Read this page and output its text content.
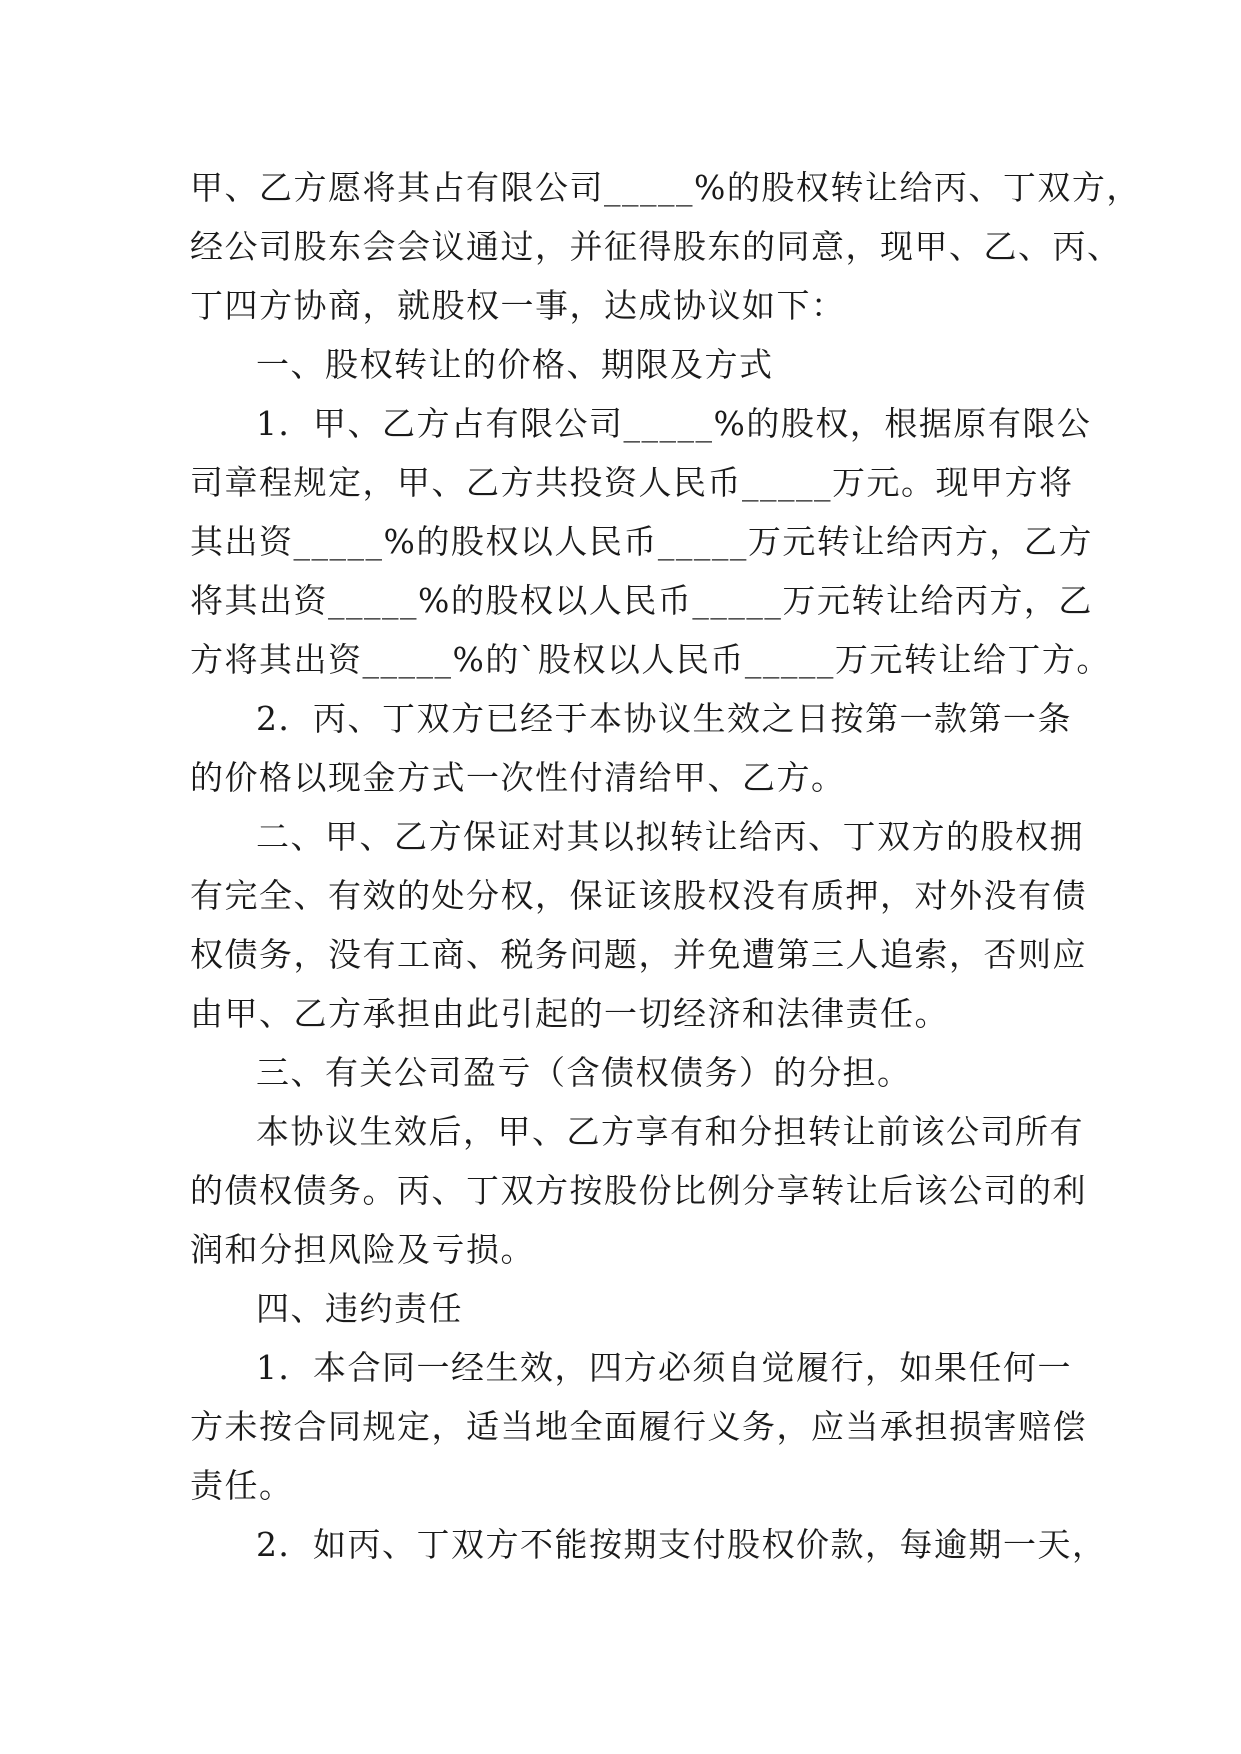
甲、乙方愿将其占有限公司_____%的股权转让给丙、丁双方，
经公司股东会会议通过，并征得股东的同意，现甲、乙、丙、
丁四方协商，就股权一事，达成协议如下：
一、股权转让的价格、期限及方式
1．甲、乙方占有限公司_____%的股权，根据原有限公
司章程规定，甲、乙方共投资人民币_____万元。现甲方将
其出资_____%的股权以人民币_____万元转让给丙方，乙方
将其出资_____%的股权以人民币_____万元转让给丙方，乙
方将其出资_____%的`股权以人民币_____万元转让给丁方。
2．丙、丁双方已经于本协议生效之日按第一款第一条
的价格以现金方式一次性付清给甲、乙方。
二、甲、乙方保证对其以拟转让给丙、丁双方的股权拥
有完全、有效的处分权，保证该股权没有质押，对外没有债
权债务，没有工商、税务问题，并免遭第三人追索，否则应
由甲、乙方承担由此引起的一切经济和法律责任。
三、有关公司盈亏（含债权债务）的分担。
本协议生效后，甲、乙方享有和分担转让前该公司所有
的债权债务。丙、丁双方按股份比例分享转让后该公司的利
润和分担风险及亏损。
四、违约责任
1．本合同一经生效，四方必须自觉履行，如果任何一
方未按合同规定，适当地全面履行义务，应当承担损害赔偿
责任。
2．如丙、丁双方不能按期支付股权价款，每逾期一天，
